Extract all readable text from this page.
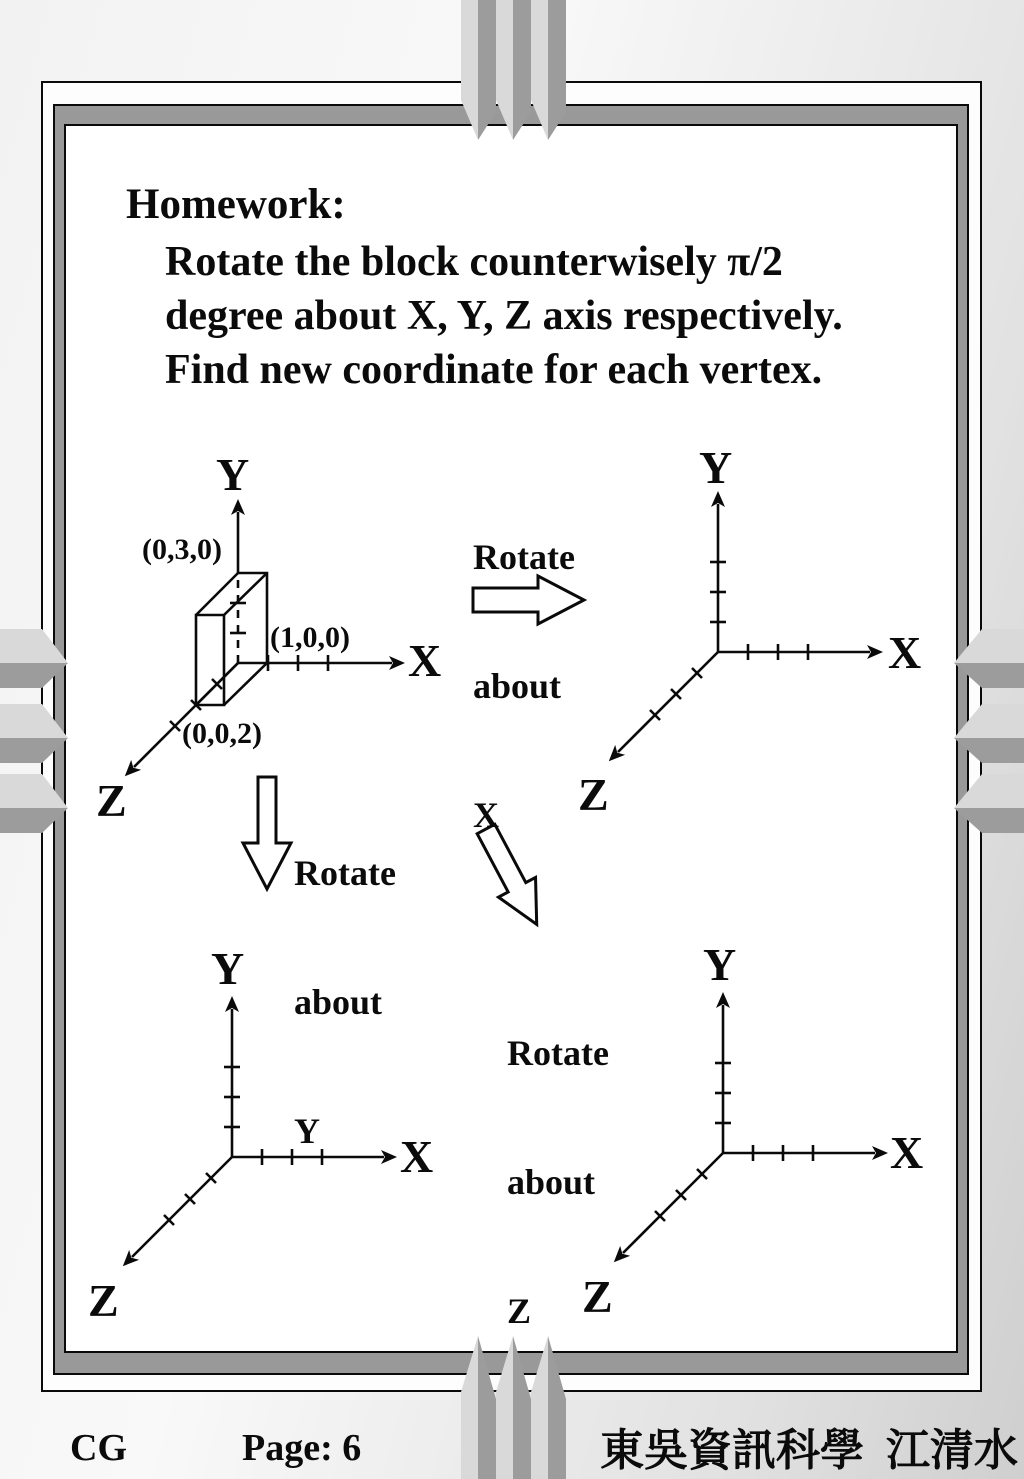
Homework:
Rotate the block counterwisely π/2
degree about X, Y, Z axis respectively.
Find new coordinate for each vertex.

Rotate

about

X

Rotate

about

Y

Rotate

about

Z

Y
X
Z
(0,3,0)
(1,0,0)
(0,0,2)
Y
X
Z
Y
X
Z
Y
X
Z
CG	Page: 6	東吳資訊科學  江清水
